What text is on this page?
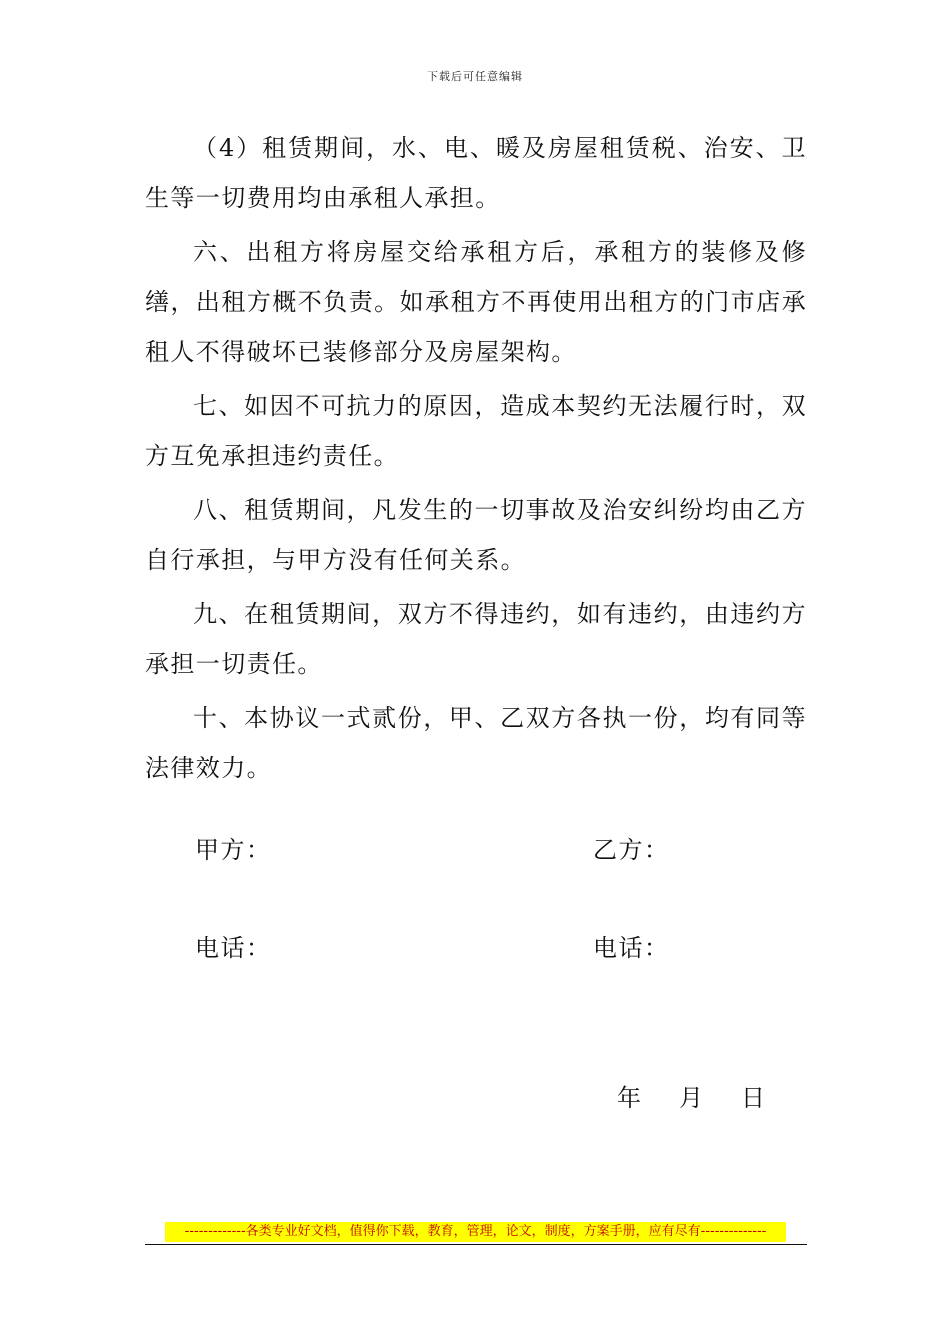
下载后可任意编辑

（4）租赁期间，水、电、暖及房屋租赁税、治安、卫生等一切费用均由承租人承担。

六、出租方将房屋交给承租方后，承租方的装修及修缮，出租方概不负责。如承租方不再使用出租方的门市店承租人不得破坏已装修部分及房屋架构。

七、如因不可抗力的原因，造成本契约无法履行时，双方互免承担违约责任。

八、租赁期间，凡发生的一切事故及治安纠纷均由乙方自行承担，与甲方没有任何关系。

九、在租赁期间，双方不得违约，如有违约，由违约方承担一切责任。

十、本协议一式贰份，甲、乙双方各执一份，均有同等法律效力。

甲方：	乙方：
电话：	电话：
年	月	日
-------------各类专业好文档，值得你下载，教育，管理，论文，制度，方案手册，应有尽有--------------
